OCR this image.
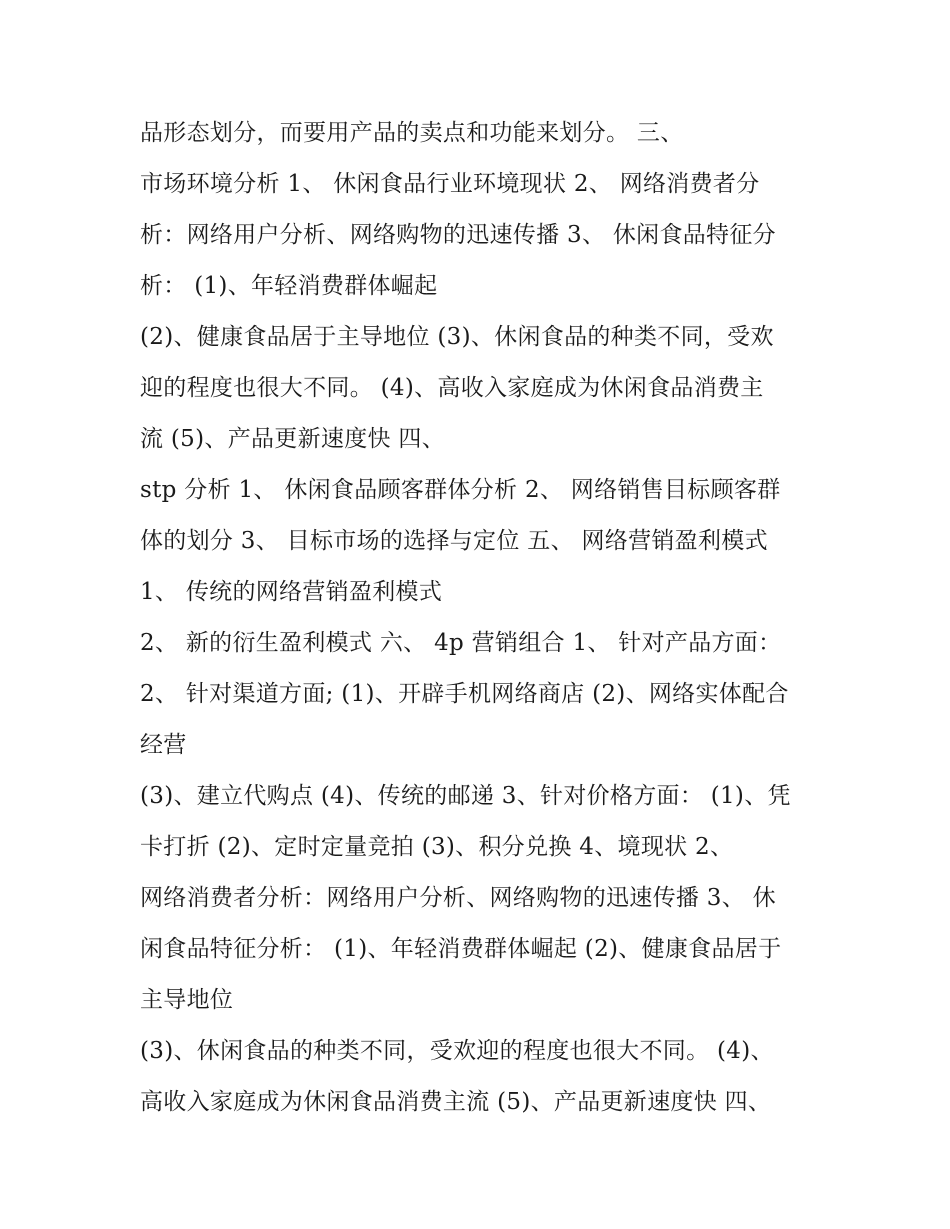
品形态划分，而要用产品的卖点和功能来划分。 三、
市场环境分析 1、 休闲食品行业环境现状 2、 网络消费者分
析：网络用户分析、网络购物的迅速传播 3、 休闲食品特征分
析： (1)、年轻消费群体崛起
(2)、健康食品居于主导地位 (3)、休闲食品的种类不同，受欢
迎的程度也很大不同。 (4)、高收入家庭成为休闲食品消费主
流 (5)、产品更新速度快 四、
stp 分析 1、 休闲食品顾客群体分析 2、 网络销售目标顾客群
体的划分 3、 目标市场的选择与定位 五、 网络营销盈利模式
1、 传统的网络营销盈利模式
2、 新的衍生盈利模式 六、 4p 营销组合 1、 针对产品方面：
2、 针对渠道方面; (1)、开辟手机网络商店 (2)、网络实体配合
经营
(3)、建立代购点 (4)、传统的邮递 3、针对价格方面： (1)、凭
卡打折 (2)、定时定量竞拍 (3)、积分兑换 4、境现状 2、
网络消费者分析：网络用户分析、网络购物的迅速传播 3、 休
闲食品特征分析： (1)、年轻消费群体崛起 (2)、健康食品居于
主导地位
(3)、休闲食品的种类不同，受欢迎的程度也很大不同。 (4)、
高收入家庭成为休闲食品消费主流 (5)、产品更新速度快 四、
